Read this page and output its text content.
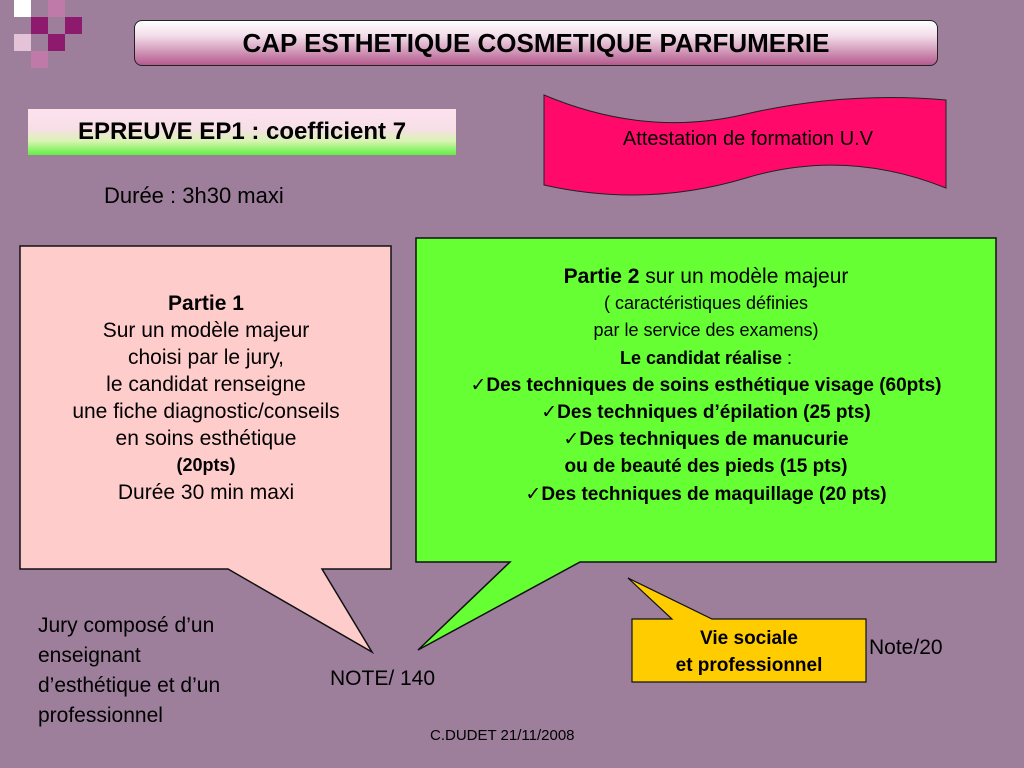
CAP ESTHETIQUE COSMETIQUE PARFUMERIE
EPREUVE EP1 : coefficient 7
Durée : 3h30 maxi
Attestation de formation U.V
Partie 1
Sur un modèle majeur
choisi par le jury,
le candidat renseigne
une fiche diagnostic/conseils
en soins esthétique
(20pts)
Durée 30 min maxi
Partie 2 sur un modèle majeur
( caractéristiques définies
par le service des examens)
Le candidat réalise :
✓Des techniques de soins esthétique visage (60pts)
✓Des techniques d’épilation (25 pts)
✓Des techniques de manucurie
ou de beauté des pieds (15 pts)
✓Des techniques de maquillage (20 pts)
Vie sociale
et professionnel
Jury composé d’un
enseignant
d’esthétique et d’un
professionnel
NOTE/ 140
Note/20
C.DUDET 21/11/2008
